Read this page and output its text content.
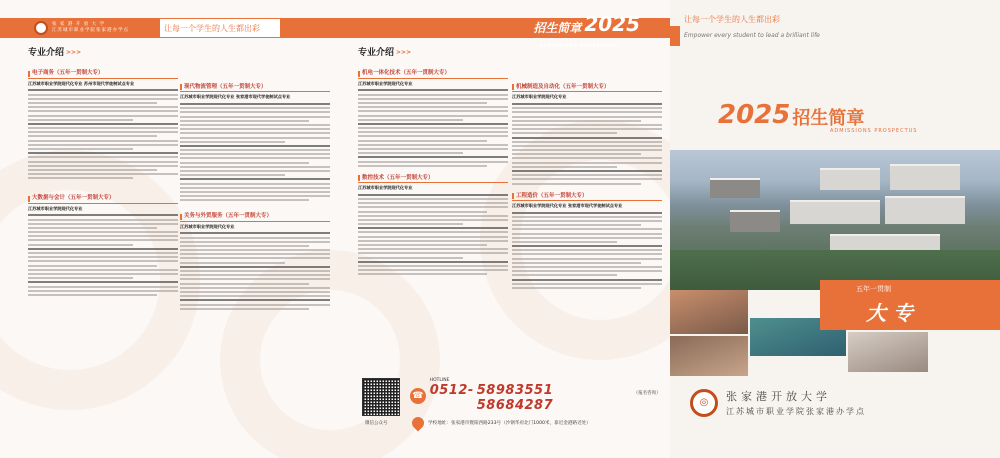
张 家 港 开 放 大 学
江苏城市职业学院张家港办学点	让每一个学生的人生都出彩	招生简章 2025
ADMISSIONS PROSPECTUS
专业介绍 >>>
电子商务（五年一贯制大专）
江苏城市职业学院现代化专业 苏州市现代学徒制试点专业
大数据与会计（五年一贯制大专）
江苏城市职业学院现代化专业
现代物流管理（五年一贯制大专）
江苏城市职业学院现代化专业 张家港市现代学徒制试点专业
关务与外贸服务（五年一贯制大专）
江苏城市职业学院现代化专业
专业介绍 >>>
机电一体化技术（五年一贯制大专）
江苏城市职业学院现代化专业
数控技术（五年一贯制大专）
江苏城市职业学院现代化专业
机械制造及自动化（五年一贯制大专）
江苏城市职业学院现代化专业
工程造价（五年一贯制大专）
江苏城市职业学院现代化专业 张家港市现代学徒制试点专业
微信公众号
☎
HOTLINE
0512- 58983551 58684287
（报名咨询）
学校地址：张家港市暨阳西路233号（沙钢华府北门1000米，靠近金港路近处）
让每一个学生的人生都出彩
Empower every student to lead a brilliant life
2025 招生简章
ADMISSIONS PROSPECTUS
五年一贯制
大 专
◎	张家港开放大学
江苏城市职业学院张家港办学点
